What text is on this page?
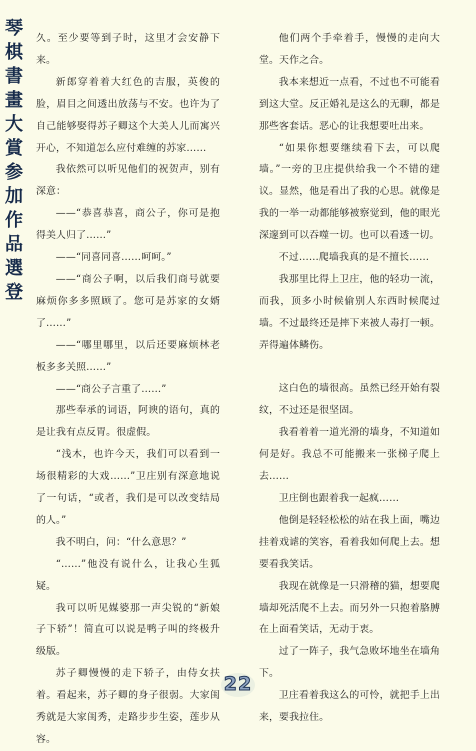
琴
棋
書
畫
大
賞
参
加
作
品
選
登

久。至少要等到子时，这里才会安静下来。

新郎穿着着大红色的吉服，英俊的脸，眉目之间透出放荡与不安。也许为了自己能够娶得苏子卿这个大美人儿而寓兴开心，不知道怎么应付难缠的苏家……

我依然可以听见他们的祝贺声，别有深意：

——“恭喜恭喜，商公子，你可是抱得美人归了……”

——“同喜同喜……呵呵。”

——“商公子啊，以后我们商号就要麻烦你多多照顾了。您可是苏家的女婿了……”

——“哪里哪里，以后还要麻烦林老板多多关照……”

——“商公子言重了……”

那些奉承的词语，阿谀的语句，真的是让我有点反胃。很虚假。

“浅木，也许今天，我们可以看到一场很精彩的大戏……”卫庄别有深意地说了一句话，“或者，我们是可以改变结局的人。”

我不明白，问：“什么意思？”

“……”他没有说什么，让我心生狐疑。

我可以听见媒婆那一声尖锐的“新娘子下轿”！简直可以说是鸭子叫的终极升级版。

苏子卿慢慢的走下轿子，由侍女扶着。看起来，苏子卿的身子很弱。大家闺秀就是大家闺秀，走路步步生姿，莲步从容。

他们两个手牵着手，慢慢的走向大堂。天作之合。

我本来想近一点看，不过也不可能看到这大堂。反正婚礼是这么的无聊，都是那些客套话。恶心的让我想要吐出来。

“如果你想要继续看下去，可以爬墙。”一旁的卫庄提供给我一个不错的建议。显然，他是看出了我的心思。就像是我的一举一动都能够被察觉到，他的眼光深邃到可以吞噬一切。也可以看透一切。

不过……爬墙我真的是不擅长……

我那里比得上卫庄，他的轻功一流，而我，顶多小时候偷别人东西时候爬过墙。不过最终还是摔下来被人毒打一顿。弄得遍体鳞伤。

这白色的墙很高。虽然已经开始有裂纹，不过还是很坚固。

我看着着一道光滑的墙身，不知道如何是好。我总不可能搬来一张梯子爬上去……

卫庄倒也跟着我一起疯……

他倒是轻轻松松的站在我上面，嘴边挂着戏谑的笑容，看着我如何爬上去。想要看我笑话。

我现在就像是一只滑稽的猫，想要爬墙却死活爬不上去。而另外一只抱着胳膊在上面看笑话，无动于衷。

过了一阵子，我气急败坏地坐在墙角下。

卫庄看着我这么的可怜，就把手上出来，要我拉住。

22
